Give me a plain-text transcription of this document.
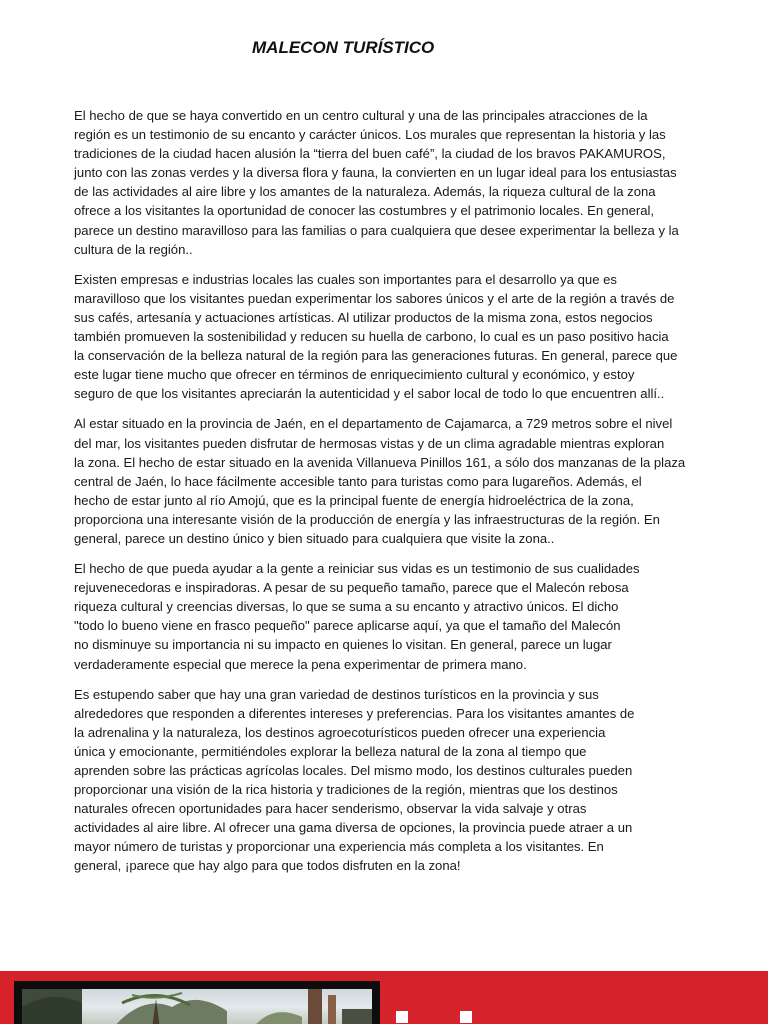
MALECON TURÍSTICO

El hecho de que se haya convertido en un centro cultural y una de las principales atracciones de la
región es un testimonio de su encanto y carácter únicos. Los murales que representan la historia y las
tradiciones de la ciudad hacen alusión la “tierra del buen café”, la ciudad de los bravos PAKAMUROS,
junto con las zonas verdes y la diversa flora y fauna, la convierten en un lugar ideal para los entusiastas
de las actividades al aire libre y los amantes de la naturaleza. Además, la riqueza cultural de la zona
ofrece a los visitantes la oportunidad de conocer las costumbres y el patrimonio locales. En general,
parece un destino maravilloso para las familias o para cualquiera que desee experimentar la belleza y la
cultura de la región..

Existen empresas e industrias locales las cuales son importantes para el desarrollo ya que es
maravilloso que los visitantes puedan experimentar los sabores únicos y el arte de la región a través de
sus cafés, artesanía y actuaciones artísticas. Al utilizar productos de la misma zona, estos negocios
también promueven la sostenibilidad y reducen su huella de carbono, lo cual es un paso positivo hacia
la conservación de la belleza natural de la región para las generaciones futuras. En general, parece que
este lugar tiene mucho que ofrecer en términos de enriquecimiento cultural y económico, y estoy
seguro de que los visitantes apreciarán la autenticidad y el sabor local de todo lo que encuentren allí..

Al estar situado en la provincia de Jaén, en el departamento de Cajamarca, a 729 metros sobre el nivel
del mar, los visitantes pueden disfrutar de hermosas vistas y de un clima agradable mientras exploran
la zona. El hecho de estar situado en la avenida Villanueva Pinillos 161, a sólo dos manzanas de la plaza
central de Jaén, lo hace fácilmente accesible tanto para turistas como para lugareños. Además, el
hecho de estar junto al río Amojú, que es la principal fuente de energía hidroeléctrica de la zona,
proporciona una interesante visión de la producción de energía y las infraestructuras de la región. En
general, parece un destino único y bien situado para cualquiera que visite la zona..

El hecho de que pueda ayudar a la gente a reiniciar sus vidas es un testimonio de sus cualidades
rejuvenecedoras e inspiradoras. A pesar de su pequeño tamaño, parece que el Malecón rebosa
riqueza cultural y creencias diversas, lo que se suma a su encanto y atractivo únicos. El dicho
"todo lo bueno viene en frasco pequeño" parece aplicarse aquí, ya que el tamaño del Malecón
no disminuye su importancia ni su impacto en quienes lo visitan. En general, parece un lugar
verdaderamente especial que merece la pena experimentar de primera mano.

Es estupendo saber que hay una gran variedad de destinos turísticos en la provincia y sus
alrededores que responden a diferentes intereses y preferencias. Para los visitantes amantes de
la adrenalina y la naturaleza, los destinos agroecoturísticos pueden ofrecer una experiencia
única y emocionante, permitiéndoles explorar la belleza natural de la zona al tiempo que
aprenden sobre las prácticas agrícolas locales. Del mismo modo, los destinos culturales pueden
proporcionar una visión de la rica historia y tradiciones de la región, mientras que los destinos
naturales ofrecen oportunidades para hacer senderismo, observar la vida salvaje y otras
actividades al aire libre. Al ofrecer una gama diversa de opciones, la provincia puede atraer a un
mayor número de turistas y proporcionar una experiencia más completa a los visitantes. En
general, ¡parece que hay algo para que todos disfruten en la zona!
